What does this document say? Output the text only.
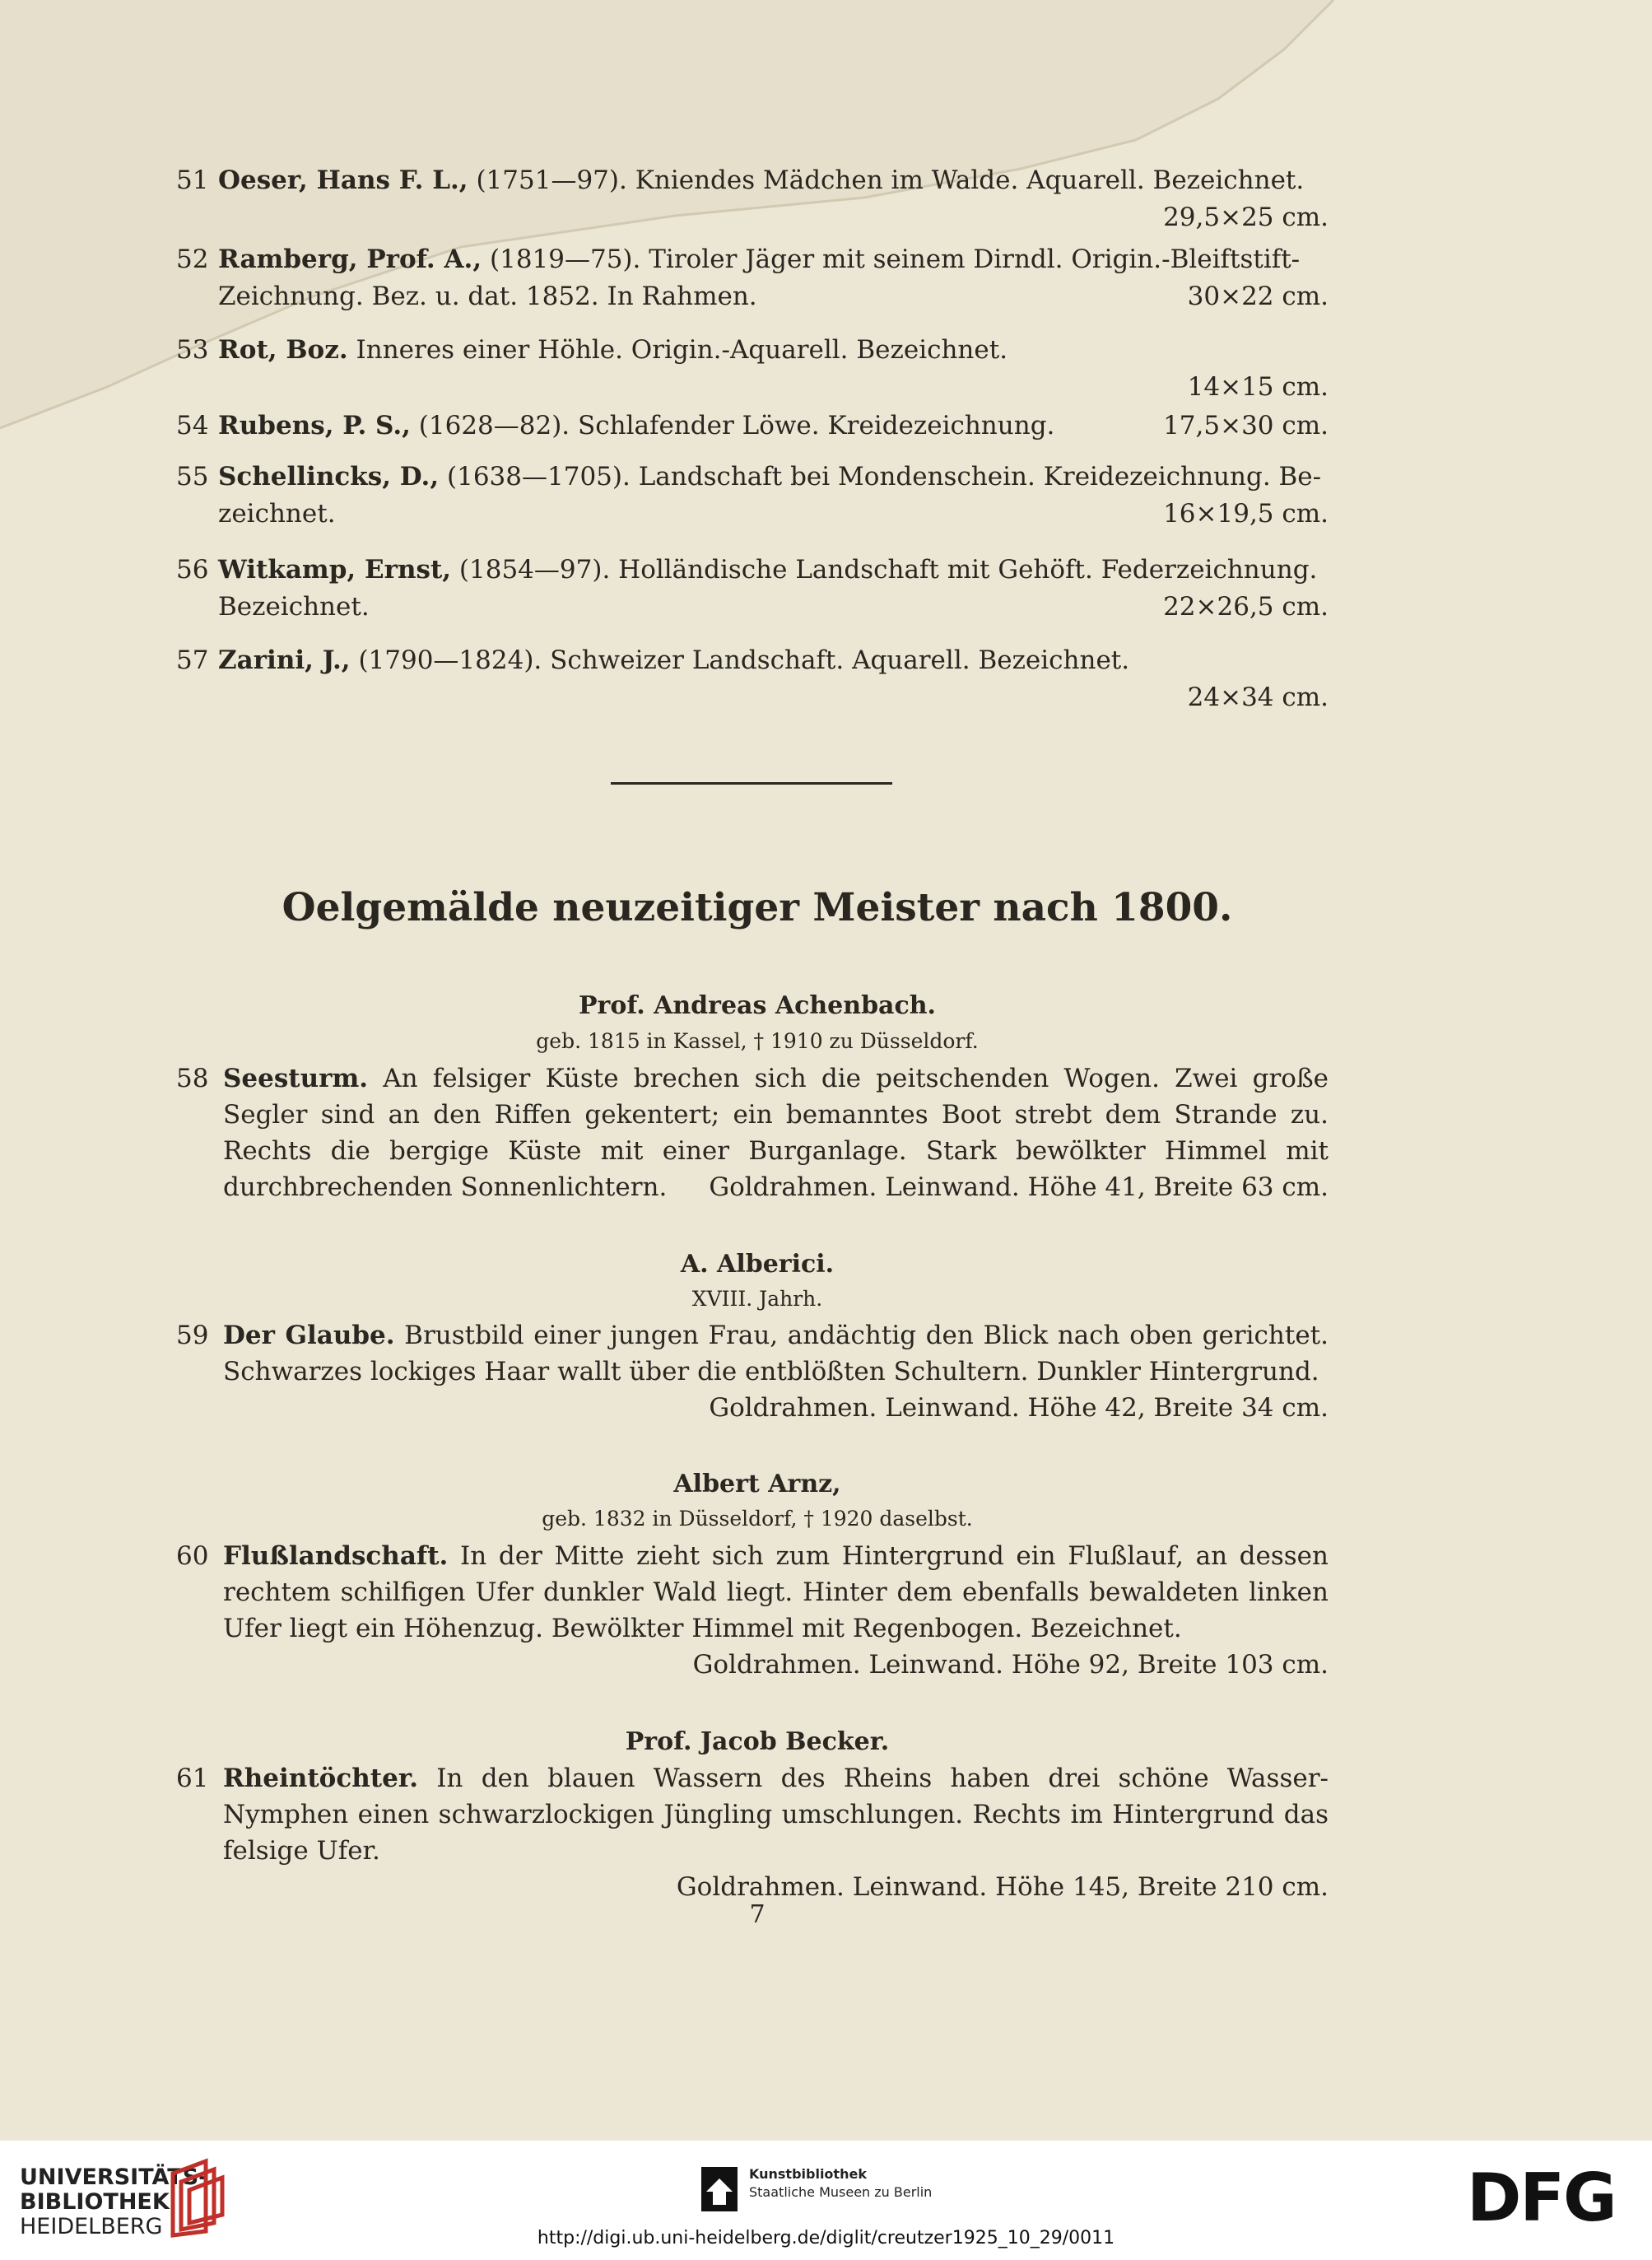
51 Oeser, Hans F. L., (1751—97). Kniendes Mädchen im Walde. Aquarell. Bezeichnet.
29,5×25 cm.
52 Ramberg, Prof. A., (1819—75). Tiroler Jäger mit seinem Dirndl. Origin.-Bleiftstift-
Zeichnung. Bez. u. dat. 1852. In Rahmen.	30×22 cm.
53 Rot, Boz. Inneres einer Höhle. Origin.-Aquarell. Bezeichnet.
14×15 cm.
54 Rubens, P. S., (1628—82). Schlafender Löwe. Kreidezeichnung.	17,5×30 cm.
55 Schellincks, D., (1638—1705). Landschaft bei Mondenschein. Kreidezeichnung. Be-
zeichnet.	16×19,5 cm.
56 Witkamp, Ernst, (1854—97). Holländische Landschaft mit Gehöft. Federzeichnung.
Bezeichnet.	22×26,5 cm.
57 Zarini, J., (1790—1824). Schweizer Landschaft. Aquarell. Bezeichnet.
24×34 cm.
Oelgemälde neuzeitiger Meister nach 1800.
Prof. Andreas Achenbach.
geb. 1815 in Kassel, † 1910 zu Düsseldorf.
58 Seesturm. An felsiger Küste brechen sich die peitschenden Wogen. Zwei große Segler sind an den Riffen gekentert; ein bemanntes Boot strebt dem Strande zu. Rechts die bergige Küste mit einer Burganlage. Stark bewölkter Himmel mit durchbrechenden Sonnenlichtern.	Goldrahmen. Leinwand. Höhe 41, Breite 63 cm.
A. Alberici.
XVIII. Jahrh.
59 Der Glaube. Brustbild einer jungen Frau, andächtig den Blick nach oben gerichtet. Schwarzes lockiges Haar wallt über die entblößten Schultern. Dunkler Hintergrund.
Goldrahmen. Leinwand. Höhe 42, Breite 34 cm.
Albert Arnz,
geb. 1832 in Düsseldorf, † 1920 daselbst.
60 Flußlandschaft. In der Mitte zieht sich zum Hintergrund ein Flußlauf, an dessen rechtem schilfigen Ufer dunkler Wald liegt. Hinter dem ebenfalls bewaldeten linken Ufer liegt ein Höhenzug. Bewölkter Himmel mit Regenbogen. Bezeichnet.
Goldrahmen. Leinwand. Höhe 92, Breite 103 cm.
Prof. Jacob Becker.
61 Rheintöchter. In den blauen Wassern des Rheins haben drei schöne Wasser-Nymphen einen schwarzlockigen Jüngling umschlungen. Rechts im Hintergrund das felsige Ufer.
Goldrahmen. Leinwand. Höhe 145, Breite 210 cm.
7
UNIVERSITÄTS-
BIBLIOTHEK
HEIDELBERG
Kunstbibliothek
Staatliche Museen zu Berlin	DFG
http://digi.ub.uni-heidelberg.de/diglit/creutzer1925_10_29/0011
